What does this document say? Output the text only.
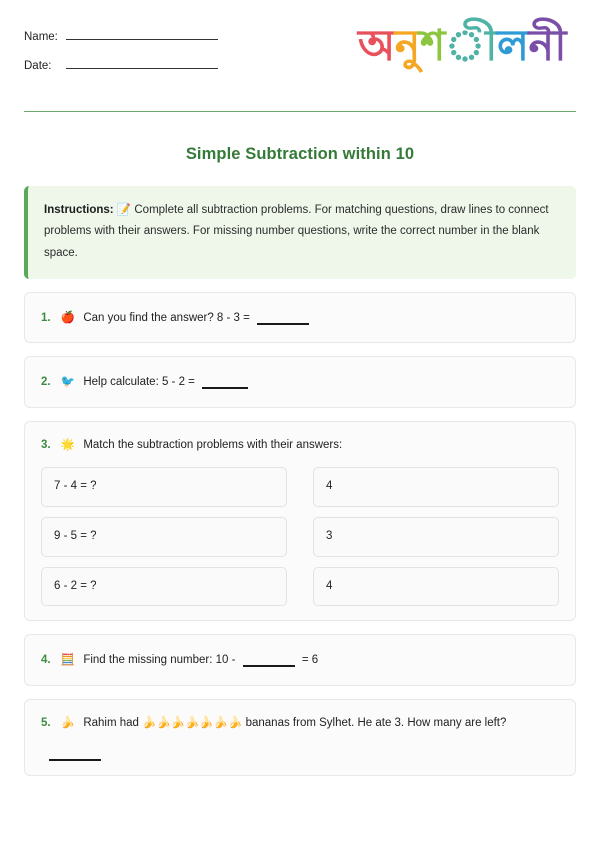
Name:
Date:	অনুশীলনী
Simple Subtraction within 10
Instructions: 📝 Complete all subtraction problems. For matching questions, draw lines to connect problems with their answers. For missing number questions, write the correct number in the blank space.
1. 🍎 Can you find the answer? 8 - 3 =
2. 🐦 Help calculate: 5 - 2 =
3. 🌟 Match the subtraction problems with their answers:
7 - 4 = ?
9 - 5 = ?
6 - 2 = ?
4
3
4
4. 🧮 Find the missing number: 10 -	= 6
5. 🍌 Rahim had 🍌🍌🍌🍌🍌🍌🍌 bananas from Sylhet. He ate 3. How many are left?
